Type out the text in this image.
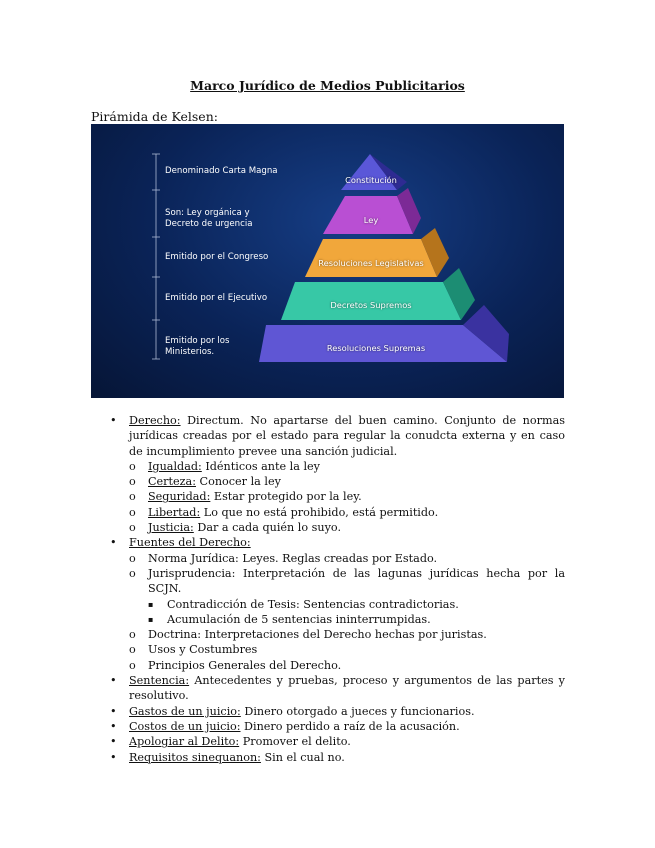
Marco Jurídico de Medios Publicitarios
Pirámida de Kelsen:
Denominado Carta Magna
Son: Ley orgánica y Decreto de urgencia
Emitido por el Congreso
Emitido por el Ejecutivo
Emitido por los Ministerios.
Constitución
Ley
Resoluciones Legislativas
Decretos Supremos
Resoluciones Supremas
• Derecho: Directum. No apartarse del buen camino. Conjunto de normas jurídicas creadas por el estado para regular la conudcta externa y en caso de incumplimiento prevee una sanción judicial.
o Igualdad: Idénticos ante la ley
o Certeza: Conocer la ley
o Seguridad: Estar protegido por la ley.
o Libertad: Lo que no está prohibido, está permitido.
o Justicia: Dar a cada quién lo suyo.
• Fuentes del Derecho:
o Norma Jurídica: Leyes. Reglas creadas por Estado.
o Jurisprudencia: Interpretación de las lagunas jurídicas hecha por la SCJN.
▪ Contradicción de Tesis: Sentencias contradictorias.
▪ Acumulación de 5 sentencias ininterrumpidas.
o Doctrina: Interpretaciones del Derecho hechas por juristas.
o Usos y Costumbres
o Principios Generales del Derecho.
• Sentencia: Antecedentes y pruebas, proceso y argumentos de las partes y resolutivo.
• Gastos de un juicio: Dinero otorgado a jueces y funcionarios.
• Costos de un juicio: Dinero perdido a raíz de la acusación.
• Apologiar al Delito: Promover el delito.
• Requisitos sinequanon: Sin el cual no.
